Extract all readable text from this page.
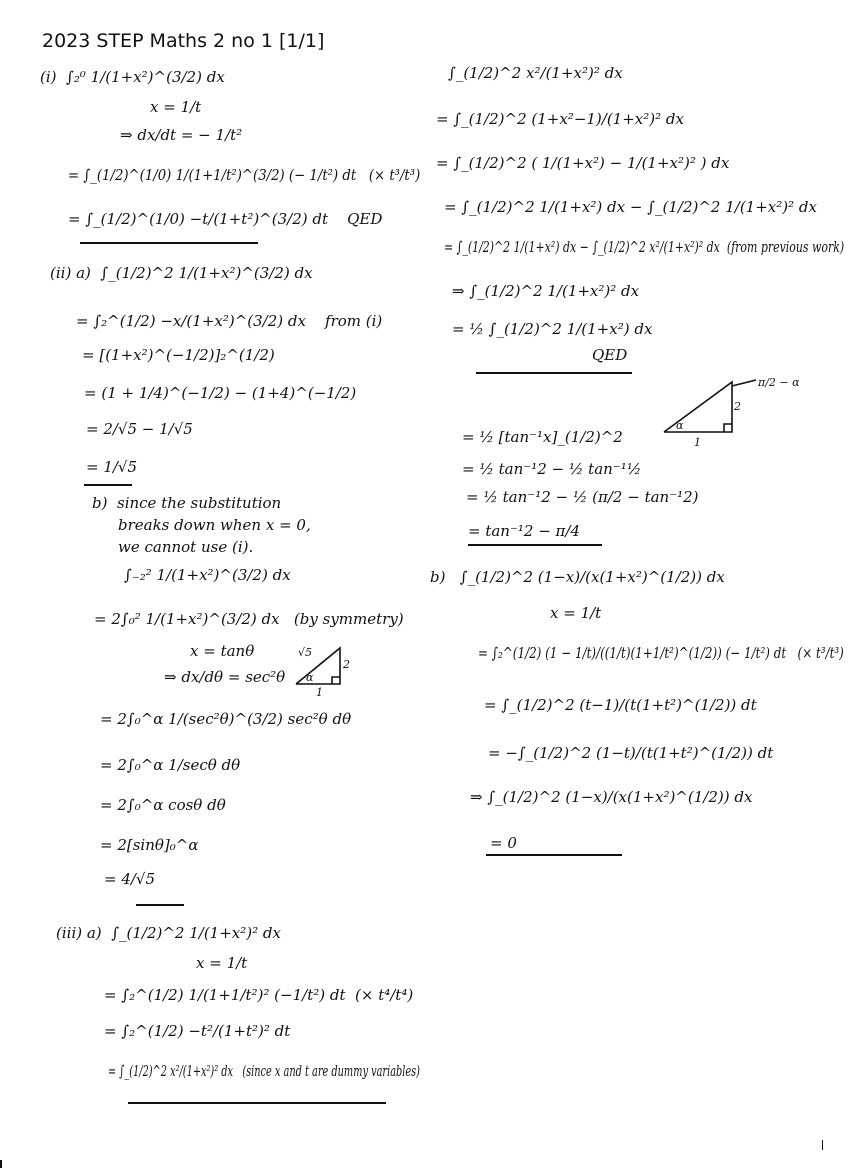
2023 STEP Maths 2 no 1 [1/1]
(i)  ∫₂⁰ 1/(1+x²)^(3/2) dx
x = 1/t
⇒ dx/dt = − 1/t²
= ∫_(1/2)^(1/0) 1/(1+1/t²)^(3/2) (− 1/t²) dt   (× t³/t³)
= ∫_(1/2)^(1/0) −t/(1+t²)^(3/2) dt    QED
(ii) a)  ∫_(1/2)^2 1/(1+x²)^(3/2) dx
= ∫₂^(1/2) −x/(1+x²)^(3/2) dx    from (i)
= [(1+x²)^(−1/2)]₂^(1/2)
= (1 + 1/4)^(−1/2) − (1+4)^(−1/2)
= 2/√5 − 1/√5
= 1/√5
b)  since the substitution
breaks down when x = 0,
we cannot use (i).
∫₋₂² 1/(1+x²)^(3/2) dx
= 2∫₀² 1/(1+x²)^(3/2) dx   (by symmetry)
x = tanθ
⇒ dx/dθ = sec²θ
√5
2
1
α
= 2∫₀^α 1/(sec²θ)^(3/2) sec²θ dθ
= 2∫₀^α 1/secθ dθ
= 2∫₀^α cosθ dθ
= 2[sinθ]₀^α
= 4/√5
(iii) a)  ∫_(1/2)^2 1/(1+x²)² dx
x = 1/t
= ∫₂^(1/2) 1/(1+1/t²)² (−1/t²) dt  (× t⁴/t⁴)
= ∫₂^(1/2) −t²/(1+t²)² dt
= ∫_(1/2)^2 x²/(1+x²)² dx   (since x and t are dummy variables)
∫_(1/2)^2 x²/(1+x²)² dx
= ∫_(1/2)^2 (1+x²−1)/(1+x²)² dx
= ∫_(1/2)^2 ( 1/(1+x²) − 1/(1+x²)² ) dx
= ∫_(1/2)^2 1/(1+x²) dx − ∫_(1/2)^2 1/(1+x²)² dx
= ∫_(1/2)^2 1/(1+x²) dx − ∫_(1/2)^2 x²/(1+x²)² dx  (from previous work)
⇒ ∫_(1/2)^2 1/(1+x²)² dx
= ½ ∫_(1/2)^2 1/(1+x²) dx
QED
= ½ [tan⁻¹x]_(1/2)^2
= ½ tan⁻¹2 − ½ tan⁻¹½
= ½ tan⁻¹2 − ½ (π/2 − tan⁻¹2)
= tan⁻¹2 − π/4
π/2 − α
2
1
α
b)   ∫_(1/2)^2 (1−x)/(x(1+x²)^(1/2)) dx
x = 1/t
= ∫₂^(1/2) (1 − 1/t)/((1/t)(1+1/t²)^(1/2)) (− 1/t²) dt   (× t³/t³)
= ∫_(1/2)^2 (t−1)/(t(1+t²)^(1/2)) dt
= −∫_(1/2)^2 (1−t)/(t(1+t²)^(1/2)) dt
⇒ ∫_(1/2)^2 (1−x)/(x(1+x²)^(1/2)) dx
= 0
